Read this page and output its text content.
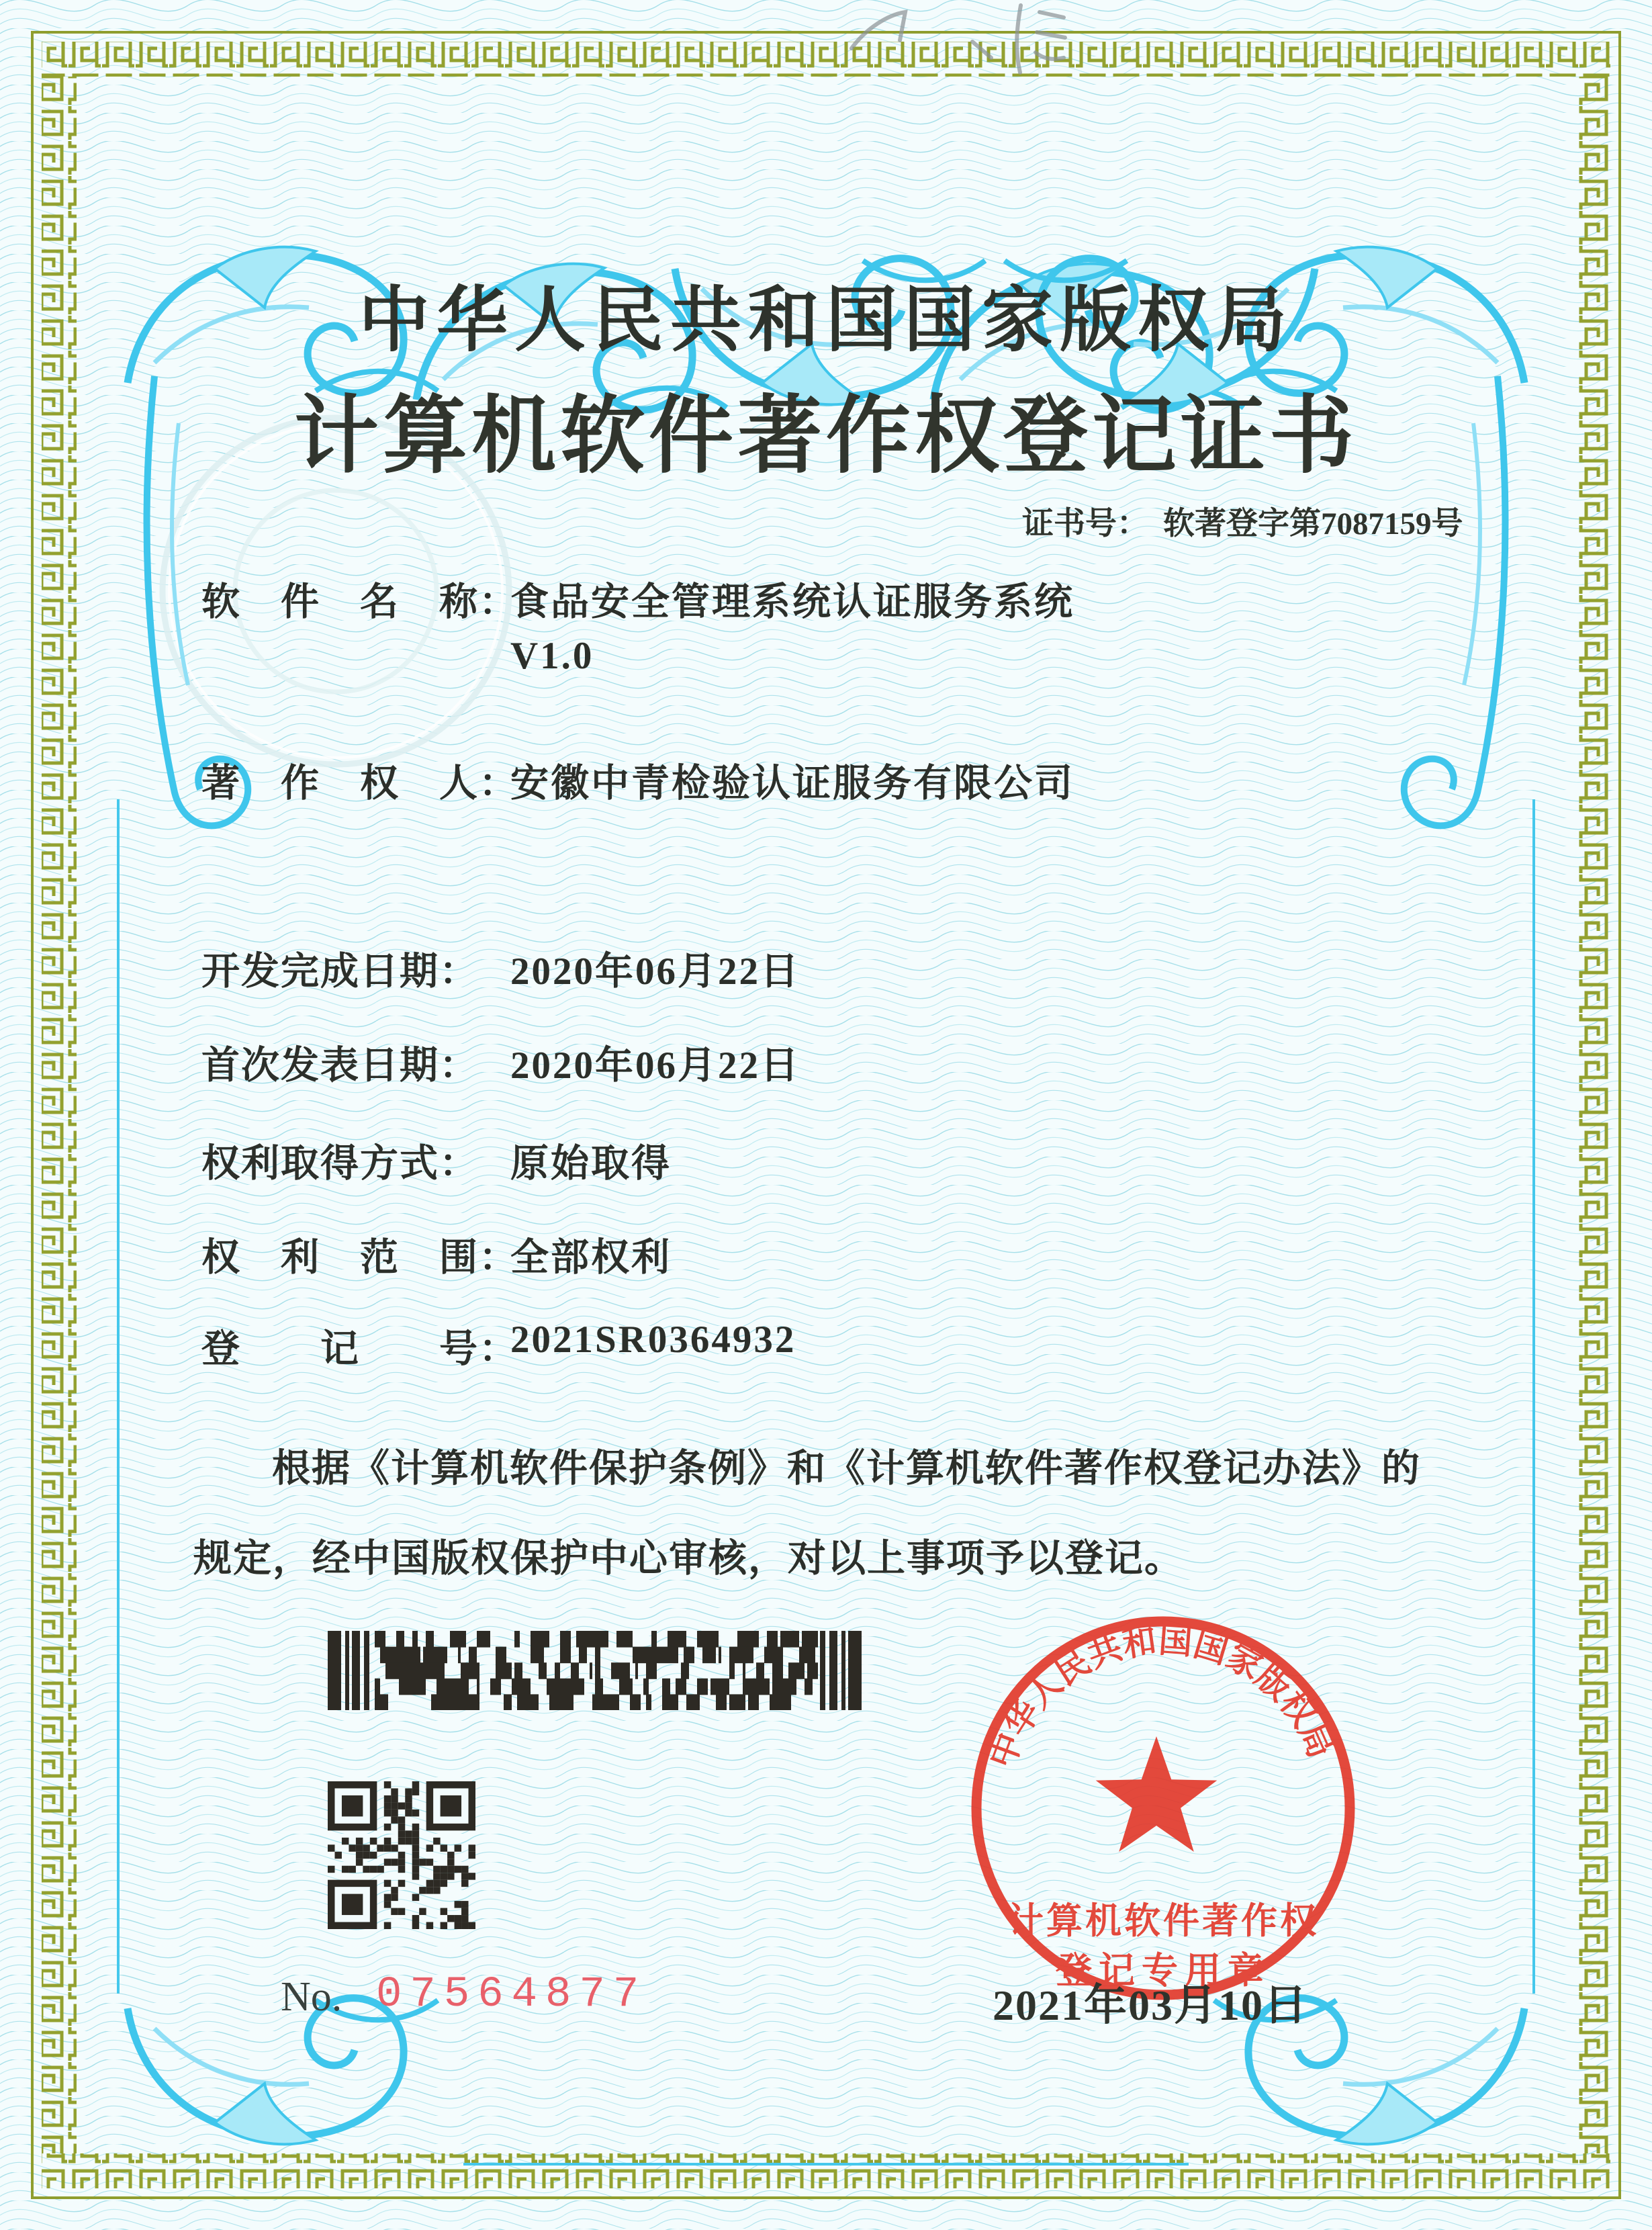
中华人民共和国国家版权局
计算机软件著作权登记证书
证书号： 软著登字第7087159号
软　件　名　称：
食品安全管理系统认证服务系统
V1.0
著　作　权　人：
安徽中青检验认证服务有限公司
开发完成日期： 2020年06月22日
首次发表日期： 2020年06月22日
权利取得方式： 原始取得
权　利　范　围：
全部权利
登　　记　　号：
2021SR0364932
根据《计算机软件保护条例》和《计算机软件著作权登记办法》的
规定，经中国版权保护中心审核，对以上事项予以登记。
No. 07564877	2021年03月10日
中华人民共和国国家版权局
计算机软件著作权
登记专用章
